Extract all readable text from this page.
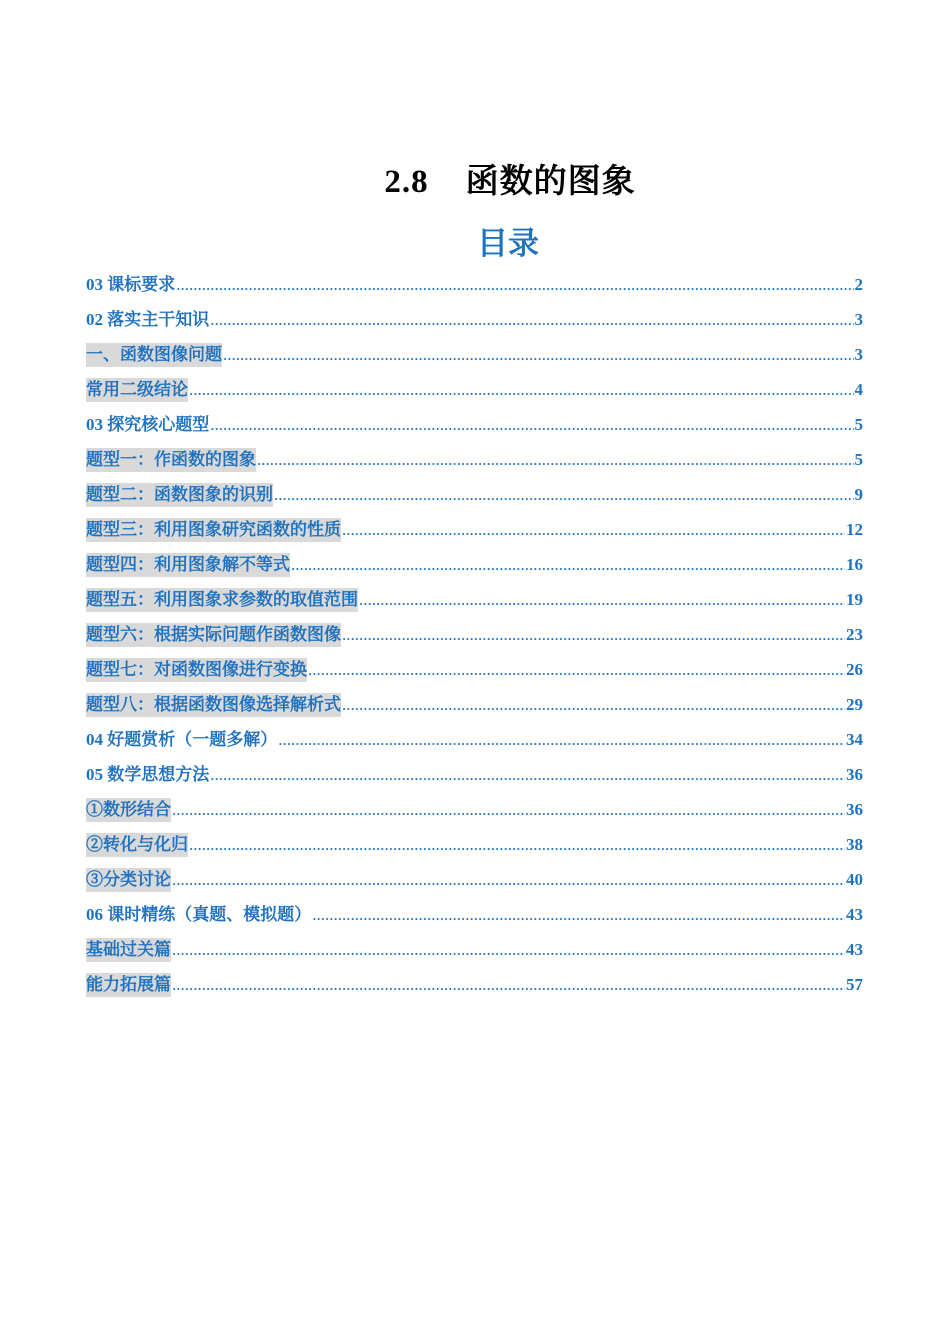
2.8    函数的图象
目录
03 课标要求 .....	2
02 落实主干知识 .....	3
一、函数图像问题 .....	3
常用二级结论 .....	4
03 探究核心题型 .....	5
题型一：作函数的图象 .....	5
题型二：函数图象的识别 .....	9
题型三：利用图象研究函数的性质 .....	12
题型四：利用图象解不等式 .....	16
题型五：利用图象求参数的取值范围 .....	19
题型六：根据实际问题作函数图像 .....	23
题型七：对函数图像进行变换 .....	26
题型八：根据函数图像选择解析式 .....	29
04 好题赏析（一题多解） .....	34
05 数学思想方法 .....	36
①数形结合 .....	36
②转化与化归 .....	38
③分类讨论 .....	40
06 课时精练（真题、模拟题） .....	43
基础过关篇 .....	43
能力拓展篇 .....	57
